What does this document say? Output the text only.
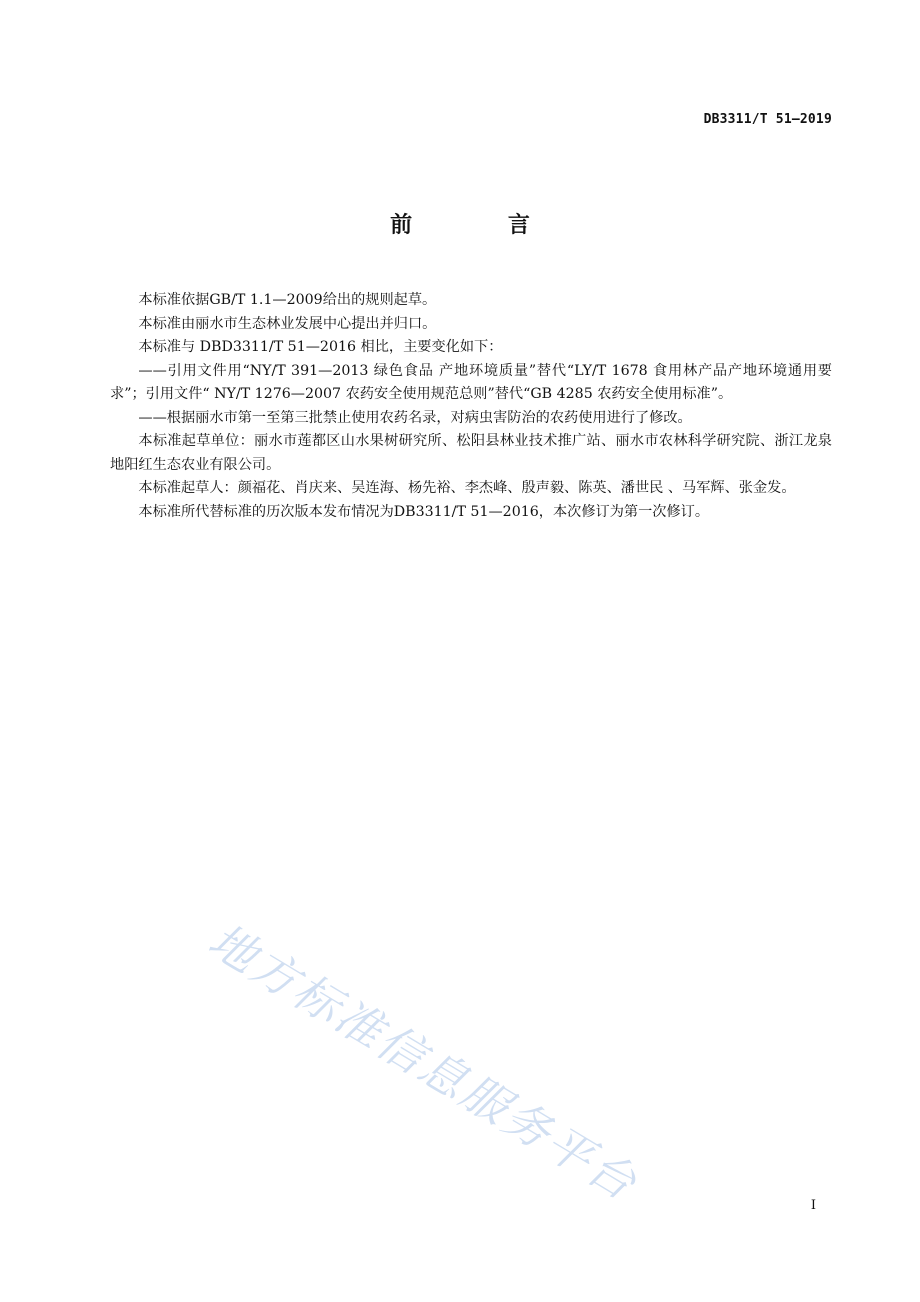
DB3311/T 51—2019
前 言

本标准依据GB/T 1.1—2009给出的规则起草。

本标准由丽水市生态林业发展中心提出并归口。

本标准与 DBD3311/T 51—2016 相比，主要变化如下：

——引用文件用“NY/T 391—2013 绿色食品 产地环境质量”替代“LY/T 1678 食用林产品产地环境通用要求”；引用文件“ NY/T 1276—2007 农药安全使用规范总则”替代“GB 4285 农药安全使用标准”。

——根据丽水市第一至第三批禁止使用农药名录，对病虫害防治的农药使用进行了修改。

本标准起草单位：丽水市莲都区山水果树研究所、松阳县林业技术推广站、丽水市农林科学研究院、浙江龙泉地阳红生态农业有限公司。

本标准起草人：颜福花、肖庆来、吴连海、杨先裕、李杰峰、殷声毅、陈英、潘世民 、马军辉、张金发。

本标准所代替标准的历次版本发布情况为DB3311/T 51—2016，本次修订为第一次修订。

地方标准信息服务平台	I
